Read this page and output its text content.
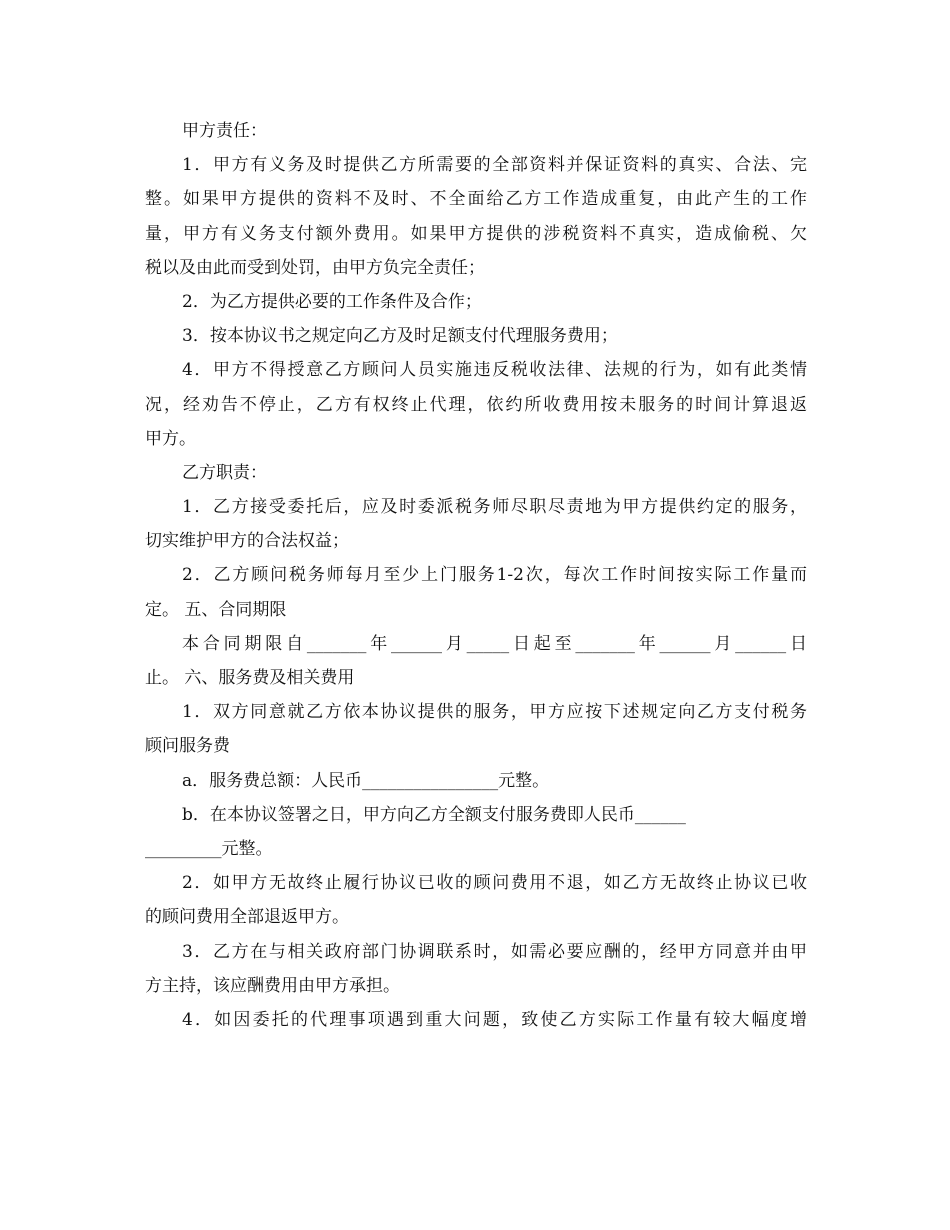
甲方责任：
1．甲方有义务及时提供乙方所需要的全部资料并保证资料的真实、合法、完
整。如果甲方提供的资料不及时、不全面给乙方工作造成重复，由此产生的工作
量，甲方有义务支付额外费用。如果甲方提供的涉税资料不真实，造成偷税、欠
税以及由此而受到处罚，由甲方负完全责任；
2．为乙方提供必要的工作条件及合作；
3．按本协议书之规定向乙方及时足额支付代理服务费用；
4．甲方不得授意乙方顾问人员实施违反税收法律、法规的行为，如有此类情
况，经劝告不停止，乙方有权终止代理，依约所收费用按未服务的时间计算退返
甲方。
乙方职责：
1．乙方接受委托后，应及时委派税务师尽职尽责地为甲方提供约定的服务，
切实维护甲方的合法权益；
2．乙方顾问税务师每月至少上门服务1-2次，每次工作时间按实际工作量而
定。 五、合同期限
本合同期限自_______年______月_____日起至_______年______月______日
止。 六、服务费及相关费用
1．双方同意就乙方依本协议提供的服务，甲方应按下述规定向乙方支付税务
顾问服务费
a．服务费总额：人民币________________元整。
b．在本协议签署之日，甲方向乙方全额支付服务费即人民币______
_________元整。
2．如甲方无故终止履行协议已收的顾问费用不退，如乙方无故终止协议已收
的顾问费用全部退返甲方。
3．乙方在与相关政府部门协调联系时，如需必要应酬的，经甲方同意并由甲
方主持，该应酬费用由甲方承担。
4．如因委托的代理事项遇到重大问题，致使乙方实际工作量有较大幅度增
